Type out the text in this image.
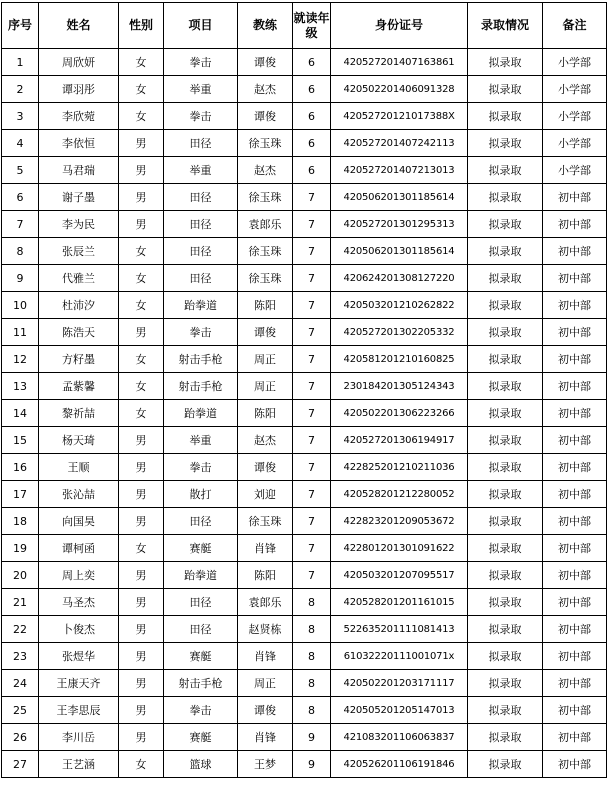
序号	姓名	性别	项目	教练	就读年级	身份证号	录取情况	备注
1	周欣妍	女	拳击	谭俊	6	420527201407163861	拟录取	小学部
2	谭羽彤	女	举重	赵杰	6	420502201406091328	拟录取	小学部
3	李欣菀	女	拳击	谭俊	6	42052720121017388X	拟录取	小学部
4	李依恒	男	田径	徐玉珠	6	420527201407242113	拟录取	小学部
5	马君瑞	男	举重	赵杰	6	420527201407213013	拟录取	小学部
6	谢子墨	男	田径	徐玉珠	7	420506201301185614	拟录取	初中部
7	李为民	男	田径	袁郎乐	7	420527201301295313	拟录取	初中部
8	张辰兰	女	田径	徐玉珠	7	420506201301185614	拟录取	初中部
9	代雅兰	女	田径	徐玉珠	7	420624201308127220	拟录取	初中部
10	杜沛汐	女	跆拳道	陈阳	7	420503201210262822	拟录取	初中部
11	陈浩天	男	拳击	谭俊	7	420527201302205332	拟录取	初中部
12	方籽墨	女	射击手枪	周正	7	420581201210160825	拟录取	初中部
13	孟紫馨	女	射击手枪	周正	7	230184201305124343	拟录取	初中部
14	黎祈喆	女	跆拳道	陈阳	7	420502201306223266	拟录取	初中部
15	杨天琦	男	举重	赵杰	7	420527201306194917	拟录取	初中部
16	王顺	男	拳击	谭俊	7	422825201210211036	拟录取	初中部
17	张沁喆	男	散打	刘迎	7	420528201212280052	拟录取	初中部
18	向国昊	男	田径	徐玉珠	7	422823201209053672	拟录取	初中部
19	谭柯函	女	赛艇	肖锋	7	422801201301091622	拟录取	初中部
20	周上奕	男	跆拳道	陈阳	7	420503201207095517	拟录取	初中部
21	马圣杰	男	田径	袁郎乐	8	420528201201161015	拟录取	初中部
22	卜俊杰	男	田径	赵贤栋	8	522635201111081413	拟录取	初中部
23	张煜华	男	赛艇	肖锋	8	61032220111001071x	拟录取	初中部
24	王康天齐	男	射击手枪	周正	8	420502201203171117	拟录取	初中部
25	王李思辰	男	拳击	谭俊	8	420505201205147013	拟录取	初中部
26	李川岳	男	赛艇	肖锋	9	421083201106063837	拟录取	初中部
27	王艺涵	女	篮球	王梦	9	420526201106191846	拟录取	初中部
